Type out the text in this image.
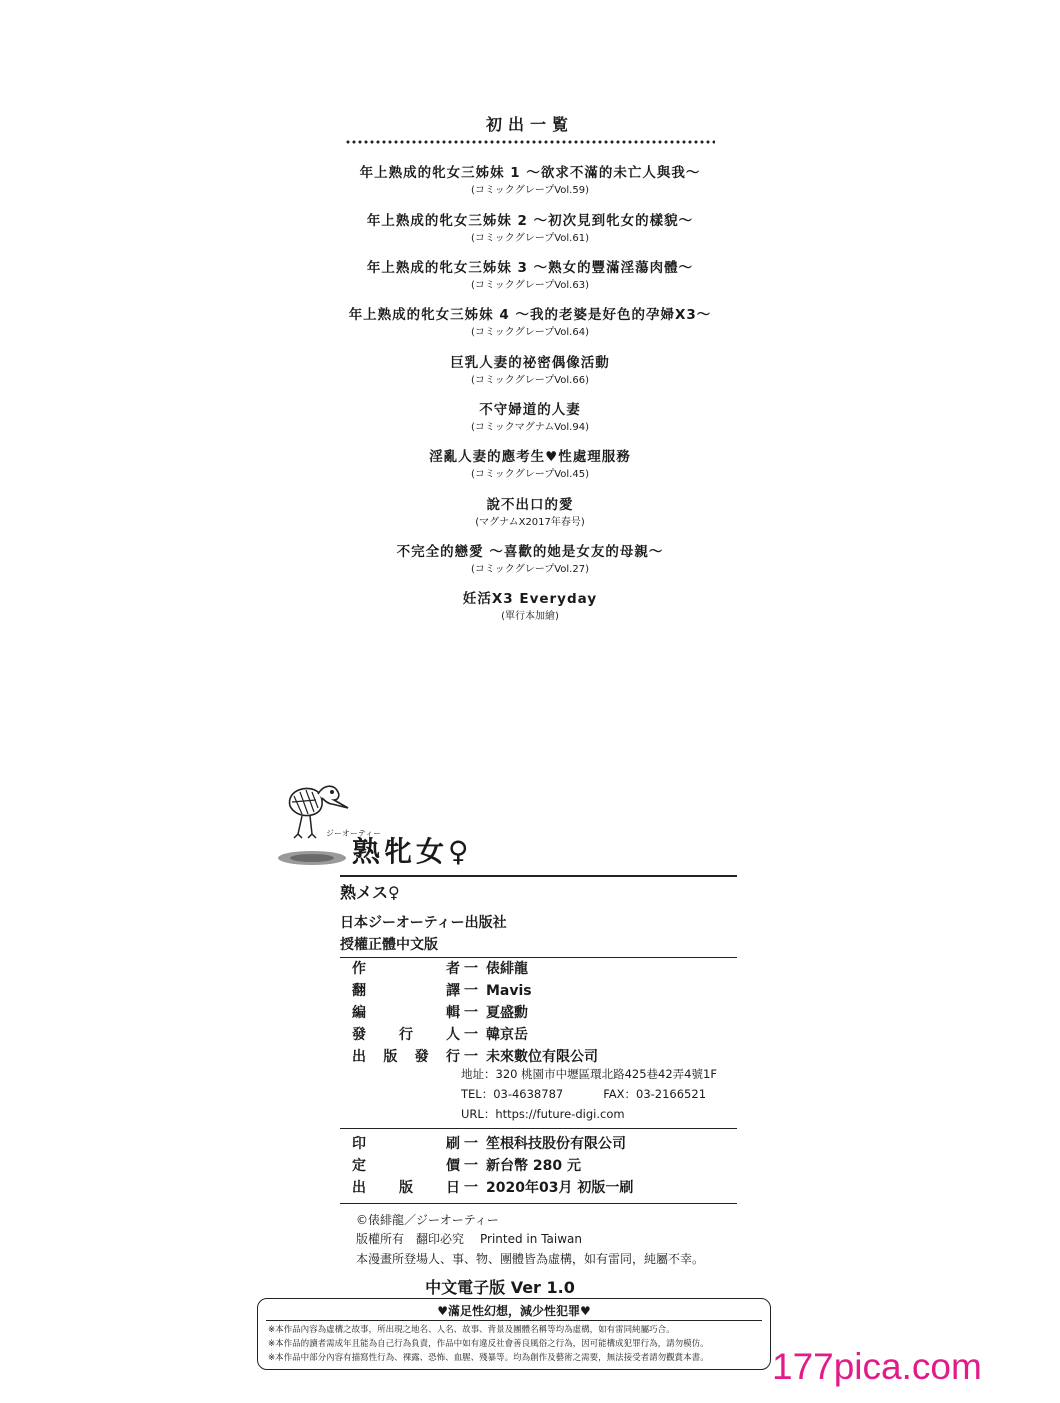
初出一覧
年上熟成的牝女三姊妹 1 ～欲求不滿的未亡人與我～
(コミックグレープVol.59)
年上熟成的牝女三姊妹 2 ～初次見到牝女的樣貌～
(コミックグレープVol.61)
年上熟成的牝女三姊妹 3 ～熟女的豐滿淫蕩肉體～
(コミックグレープVol.63)
年上熟成的牝女三姊妹 4 ～我的老婆是好色的孕婦X3～
(コミックグレープVol.64)
巨乳人妻的祕密偶像活動
(コミックグレープVol.66)
不守婦道的人妻
(コミックマグナムVol.94)
淫亂人妻的應考生♥性處理服務
(コミックグレープVol.45)
說不出口的愛
(マグナムX2017年春号)
不完全的戀愛 ～喜歡的她是女友的母親～
(コミックグレープVol.27)
妊活X3 Everyday
(單行本加繪)
ジーオーティー
熟牝女♀
熟メス♀
日本ジーオーティー出版社
授權正體中文版
作者 一 俵緋龍
翻譯 一 Mavis
編輯 一 夏盛勳
發行人 一 韓京岳
出版發行 一 未來數位有限公司
地址：320 桃園市中壢區環北路425巷42弄4號1F
TEL：03-4638787	FAX：03-2166521
URL：https://future-digi.com
印刷 一 笙根科技股份有限公司
定價 一 新台幣 280 元
出版日 一 2020年03月 初版一刷
©俵緋龍／ジーオーティー
版權所有　翻印必究 Printed in Taiwan
本漫畫所登場人、事、物、團體皆為虛構，如有雷同，純屬不幸。
中文電子版 Ver 1.0
♥滿足性幻想，減少性犯罪♥
※本作品內容為虛構之故事，所出現之地名、人名、故事、背景及團體名稱等均為虛構，如有雷同純屬巧合。
※本作品的讀者需成年且能為自己行為負責，作品中如有違反社會善良風俗之行為，因可能構成犯罪行為，請勿模仿。
※本作品中部分內容有描寫性行為、裸露、恐怖、血腥、殘暴等。均為創作及藝術之需要，無法接受者請勿觀賞本書。 177pica.com
